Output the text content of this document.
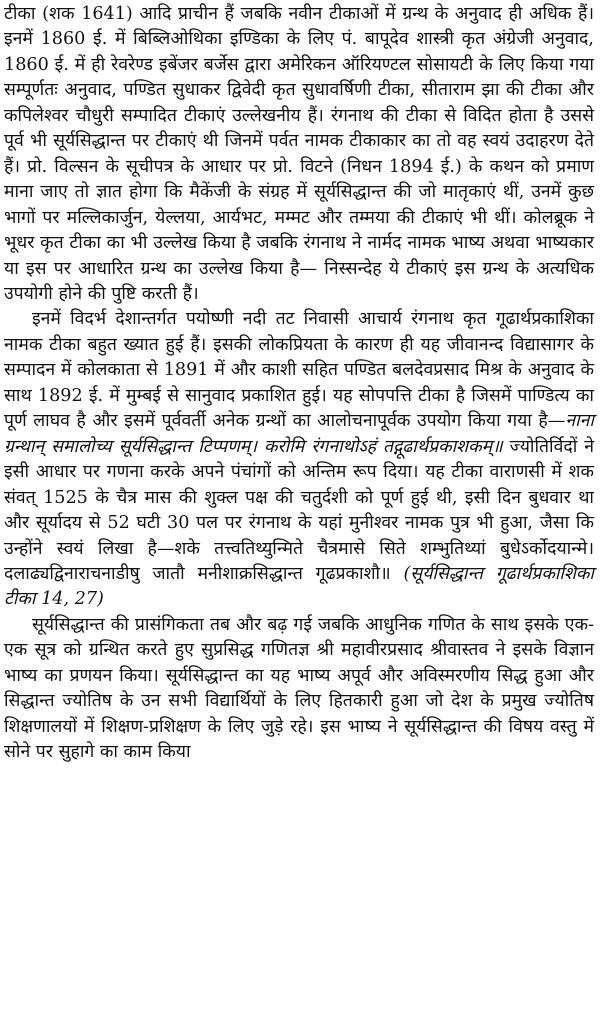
टीका (शक 1641) आदि प्राचीन हैं जबकि नवीन टीकाओं में ग्रन्थ के अनुवाद ही अधिक हैं। इनमें 1860 ई. में बिब्लिओथिका इण्डिका के लिए पं. बापूदेव शास्त्री कृत अंग्रेजी अनुवाद, 1860 ई. में ही रेवरेण्ड इबेंजर बर्जेस द्वारा अमेरिकन ऑरियण्टल सोसायटी के लिए किया गया सम्पूर्णतः अनुवाद, पण्डित सुधाकर द्विवेदी कृत सुधावर्षिणी टीका, सीताराम झा की टीका और कपिलेश्वर चौधुरी सम्पादित टीकाएं उल्लेखनीय हैं। रंगनाथ की टीका से विदित होता है उससे पूर्व भी सूर्यसिद्धान्त पर टीकाएं थी जिनमें पर्वत नामक टीकाकार का तो वह स्वयं उदाहरण देते हैं। प्रो. विल्सन के सूचीपत्र के आधार पर प्रो. विटने (निधन 1894 ई.) के कथन को प्रमाण माना जाए तो ज्ञात होगा कि मैकेंजी के संग्रह में सूर्यसिद्धान्त की जो मातृकाएं थीं, उनमें कुछ भागों पर मल्लिकार्जुन, येल्लया, आर्यभट, मम्मट और तम्मया की टीकाएं भी थीं। कोलब्रूक ने भूधर कृत टीका का भी उल्लेख किया है जबकि रंगनाथ ने नार्मद नामक भाष्य अथवा भाष्यकार या इस पर आधारित ग्रन्थ का उल्लेख किया है— निस्सन्देह ये टीकाएं इस ग्रन्थ के अत्यधिक उपयोगी होने की पुष्टि करती हैं।

इनमें विदर्भ देशान्तर्गत पयोष्णी नदी तट निवासी आचार्य रंगनाथ कृत गूढार्थप्रकाशिका नामक टीका बहुत ख्यात हुई हैं। इसकी लोकप्रियता के कारण ही यह जीवानन्द विद्यासागर के सम्पादन में कोलकाता से 1891 में और काशी सहित पण्डित बलदेवप्रसाद मिश्र के अनुवाद के साथ 1892 ई. में मुम्बई से सानुवाद प्रकाशित हुई। यह सोपपत्ति टीका है जिसमें पाण्डित्य का पूर्ण लाघव है और इसमें पूर्ववर्ती अनेक ग्रन्थों का आलोचनापूर्वक उपयोग किया गया है—नाना ग्रन्थान् समालोच्य सूर्यसिद्धान्त टिप्पणम्। करोमि रंगनाथोऽहं तद्गूढार्थप्रकाशकम्॥ ज्योतिर्विदों ने इसी आधार पर गणना करके अपने पंचांगों को अन्तिम रूप दिया। यह टीका वाराणसी में शक संवत् 1525 के चैत्र मास की शुक्ल पक्ष की चतुर्दशी को पूर्ण हुई थी, इसी दिन बुधवार था और सूर्यादय से 52 घटी 30 पल पर रंगनाथ के यहां मुनीश्वर नामक पुत्र भी हुआ, जैसा कि उन्होंने स्वयं लिखा है—शके तत्त्वतिथ्युन्मिते चैत्रमासे सिते शम्भुतिथ्यां बुधेऽर्कोदयान्मे। दलाढ्यद्विनाराचनाडीषु जातौ मनीशाक्रसिद्धान्त गूढप्रकाशौ॥ (सूर्यसिद्धान्त गूढार्थप्रकाशिका टीका 14, 27)

सूर्यसिद्धान्त की प्रासंगिकता तब और बढ़ गई जबकि आधुनिक गणित के साथ इसके एक-एक सूत्र को ग्रन्थित करते हुए सुप्रसिद्ध गणितज्ञ श्री महावीरप्रसाद श्रीवास्तव ने इसके विज्ञान भाष्य का प्रणयन किया। सूर्यसिद्धान्त का यह भाष्य अपूर्व और अविस्मरणीय सिद्ध हुआ और सिद्धान्त ज्योतिष के उन सभी विद्यार्थियों के लिए हितकारी हुआ जो देश के प्रमुख ज्योतिष शिक्षणालयों में शिक्षण-प्रशिक्षण के लिए जुड़े रहे। इस भाष्य ने सूर्यसिद्धान्त की विषय वस्तु में सोने पर सुहागे का काम किया
